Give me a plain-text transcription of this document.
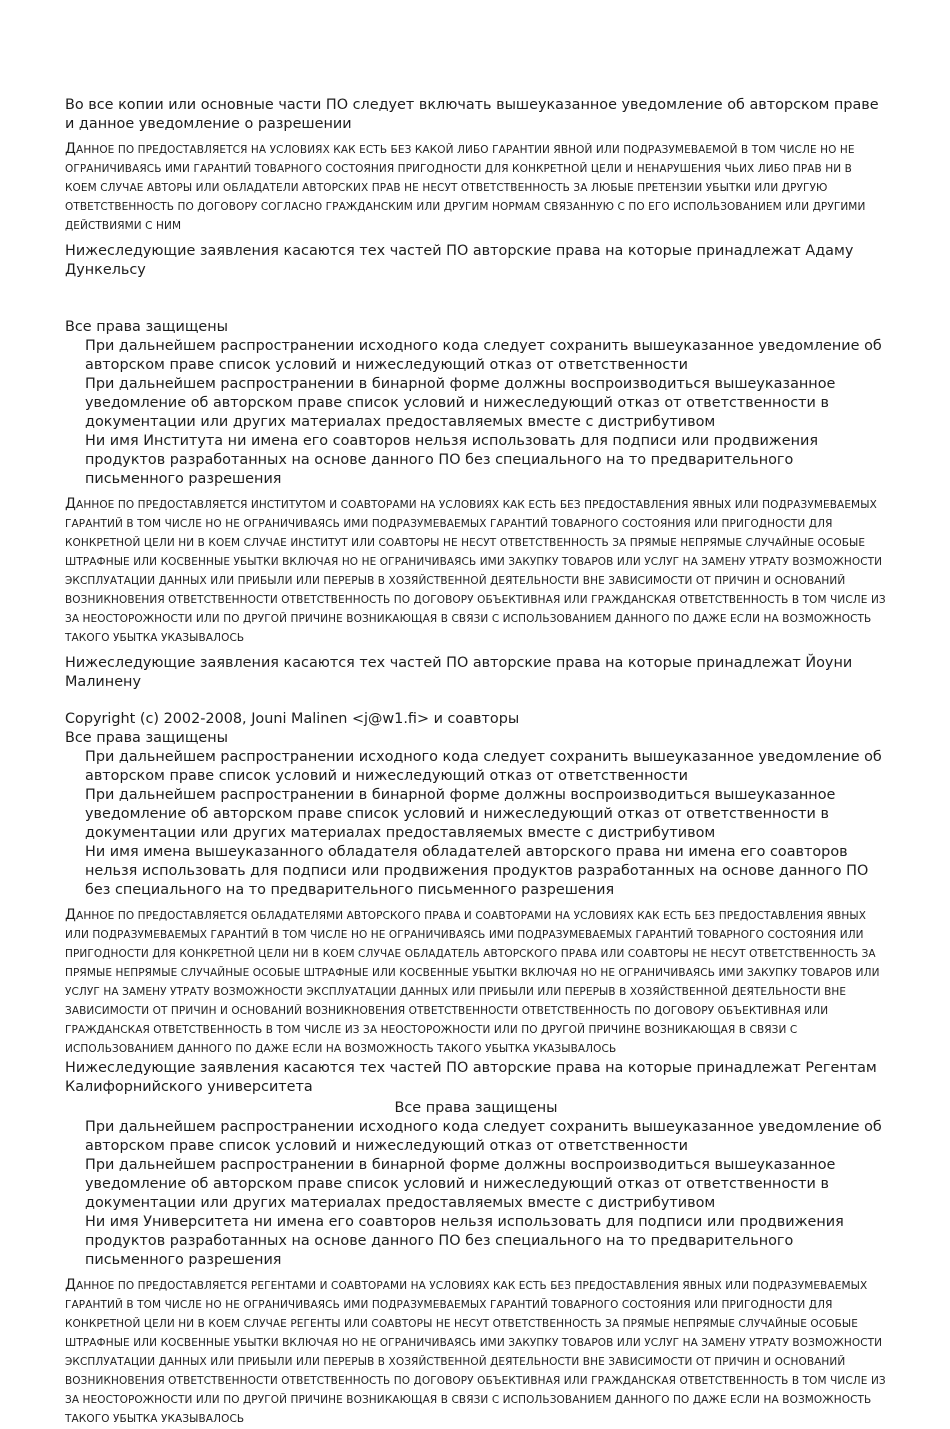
Во все копии или основные части ПО следует включать вышеуказанное уведомление об авторском праве и данное уведомление о разрешении

ДАННОЕ ПО ПРЕДОСТАВЛЯЕТСЯ НА УСЛОВИЯХ КАК ЕСТЬ БЕЗ КАКОЙ ЛИБО ГАРАНТИИ ЯВНОЙ ИЛИ ПОДРАЗУМЕВАЕМОЙ В ТОМ ЧИСЛЕ НО НЕ ОГРАНИЧИВАЯСЬ ИМИ ГАРАНТИЙ ТОВАРНОГО СОСТОЯНИЯ ПРИГОДНОСТИ ДЛЯ КОНКРЕТНОЙ ЦЕЛИ И НЕНАРУШЕНИЯ ЧЬИХ ЛИБО ПРАВ НИ В КОЕМ СЛУЧАЕ АВТОРЫ ИЛИ ОБЛАДАТЕЛИ АВТОРСКИХ ПРАВ НЕ НЕСУТ ОТВЕТСТВЕННОСТЬ ЗА ЛЮБЫЕ ПРЕТЕНЗИИ УБЫТКИ ИЛИ ДРУГУЮ ОТВЕТСТВЕННОСТЬ ПО ДОГОВОРУ СОГЛАСНО ГРАЖДАНСКИМ ИЛИ ДРУГИМ НОРМАМ СВЯЗАННУЮ С ПО ЕГО ИСПОЛЬЗОВАНИЕМ ИЛИ ДРУГИМИ ДЕЙСТВИЯМИ С НИМ

Нижеследующие заявления касаются тех частей ПО авторские права на которые принадлежат Адаму Дункельсу

Все права защищены

При дальнейшем распространении исходного кода следует сохранить вышеуказанное уведомление об авторском праве список условий и нижеследующий отказ от ответственности

При дальнейшем распространении в бинарной форме должны воспроизводиться вышеуказанное уведомление об авторском праве список условий и нижеследующий отказ от ответственности в документации или других материалах предоставляемых вместе с дистрибутивом

Ни имя Института ни имена его соавторов нельзя использовать для подписи или продвижения продуктов разработанных на основе данного ПО без специального на то предварительного письменного разрешения

ДАННОЕ ПО ПРЕДОСТАВЛЯЕТСЯ ИНСТИТУТОМ И СОАВТОРАМИ НА УСЛОВИЯХ КАК ЕСТЬ БЕЗ ПРЕДОСТАВЛЕНИЯ ЯВНЫХ ИЛИ ПОДРАЗУМЕВАЕМЫХ ГАРАНТИЙ В ТОМ ЧИСЛЕ НО НЕ ОГРАНИЧИВАЯСЬ ИМИ ПОДРАЗУМЕВАЕМЫХ ГАРАНТИЙ ТОВАРНОГО СОСТОЯНИЯ ИЛИ ПРИГОДНОСТИ ДЛЯ КОНКРЕТНОЙ ЦЕЛИ НИ В КОЕМ СЛУЧАЕ ИНСТИТУТ ИЛИ СОАВТОРЫ НЕ НЕСУТ ОТВЕТСТВЕННОСТЬ ЗА ПРЯМЫЕ НЕПРЯМЫЕ СЛУЧАЙНЫЕ ОСОБЫЕ ШТРАФНЫЕ ИЛИ КОСВЕННЫЕ УБЫТКИ ВКЛЮЧАЯ НО НЕ ОГРАНИЧИВАЯСЬ ИМИ ЗАКУПКУ ТОВАРОВ ИЛИ УСЛУГ НА ЗАМЕНУ УТРАТУ ВОЗМОЖНОСТИ ЭКСПЛУАТАЦИИ ДАННЫХ ИЛИ ПРИБЫЛИ ИЛИ ПЕРЕРЫВ В ХОЗЯЙСТВЕННОЙ ДЕЯТЕЛЬНОСТИ ВНЕ ЗАВИСИМОСТИ ОТ ПРИЧИН И ОСНОВАНИЙ ВОЗНИКНОВЕНИЯ ОТВЕТСТВЕННОСТИ ОТВЕТСТВЕННОСТЬ ПО ДОГОВОРУ ОБЪЕКТИВНАЯ ИЛИ ГРАЖДАНСКАЯ ОТВЕТСТВЕННОСТЬ В ТОМ ЧИСЛЕ ИЗ ЗА НЕОСТОРОЖНОСТИ ИЛИ ПО ДРУГОЙ ПРИЧИНЕ ВОЗНИКАЮЩАЯ В СВЯЗИ С ИСПОЛЬЗОВАНИЕМ ДАННОГО ПО ДАЖЕ ЕСЛИ НА ВОЗМОЖНОСТЬ ТАКОГО УБЫТКА УКАЗЫВАЛОСЬ

Нижеследующие заявления касаются тех частей ПО авторские права на которые принадлежат Йоуни Малинену

Copyright (c) 2002-2008, Jouni Malinen <j@w1.fi> и соавторы

Все права защищены

При дальнейшем распространении исходного кода следует сохранить вышеуказанное уведомление об авторском праве список условий и нижеследующий отказ от ответственности

При дальнейшем распространении в бинарной форме должны воспроизводиться вышеуказанное уведомление об авторском праве список условий и нижеследующий отказ от ответственности в документации или других материалах предоставляемых вместе с дистрибутивом

Ни имя имена вышеуказанного обладателя обладателей авторского права ни имена его соавторов нельзя использовать для подписи или продвижения продуктов разработанных на основе данного ПО без специального на то предварительного письменного разрешения

ДАННОЕ ПО ПРЕДОСТАВЛЯЕТСЯ ОБЛАДАТЕЛЯМИ АВТОРСКОГО ПРАВА И СОАВТОРАМИ НА УСЛОВИЯХ КАК ЕСТЬ БЕЗ ПРЕДОСТАВЛЕНИЯ ЯВНЫХ ИЛИ ПОДРАЗУМЕВАЕМЫХ ГАРАНТИЙ В ТОМ ЧИСЛЕ НО НЕ ОГРАНИЧИВАЯСЬ ИМИ ПОДРАЗУМЕВАЕМЫХ ГАРАНТИЙ ТОВАРНОГО СОСТОЯНИЯ ИЛИ ПРИГОДНОСТИ ДЛЯ КОНКРЕТНОЙ ЦЕЛИ НИ В КОЕМ СЛУЧАЕ ОБЛАДАТЕЛЬ АВТОРСКОГО ПРАВА ИЛИ СОАВТОРЫ НЕ НЕСУТ ОТВЕТСТВЕННОСТЬ ЗА ПРЯМЫЕ НЕПРЯМЫЕ СЛУЧАЙНЫЕ ОСОБЫЕ ШТРАФНЫЕ ИЛИ КОСВЕННЫЕ УБЫТКИ ВКЛЮЧАЯ НО НЕ ОГРАНИЧИВАЯСЬ ИМИ ЗАКУПКУ ТОВАРОВ ИЛИ УСЛУГ НА ЗАМЕНУ УТРАТУ ВОЗМОЖНОСТИ ЭКСПЛУАТАЦИИ ДАННЫХ ИЛИ ПРИБЫЛИ ИЛИ ПЕРЕРЫВ В ХОЗЯЙСТВЕННОЙ ДЕЯТЕЛЬНОСТИ ВНЕ ЗАВИСИМОСТИ ОТ ПРИЧИН И ОСНОВАНИЙ ВОЗНИКНОВЕНИЯ ОТВЕТСТВЕННОСТИ ОТВЕТСТВЕННОСТЬ ПО ДОГОВОРУ ОБЪЕКТИВНАЯ ИЛИ ГРАЖДАНСКАЯ ОТВЕТСТВЕННОСТЬ В ТОМ ЧИСЛЕ ИЗ ЗА НЕОСТОРОЖНОСТИ ИЛИ ПО ДРУГОЙ ПРИЧИНЕ ВОЗНИКАЮЩАЯ В СВЯЗИ С ИСПОЛЬЗОВАНИЕМ ДАННОГО ПО ДАЖЕ ЕСЛИ НА ВОЗМОЖНОСТЬ ТАКОГО УБЫТКА УКАЗЫВАЛОСЬ

Нижеследующие заявления касаются тех частей ПО авторские права на которые принадлежат Регентам Калифорнийского университета

Все права защищены

При дальнейшем распространении исходного кода следует сохранить вышеуказанное уведомление об авторском праве список условий и нижеследующий отказ от ответственности

При дальнейшем распространении в бинарной форме должны воспроизводиться вышеуказанное уведомление об авторском праве список условий и нижеследующий отказ от ответственности в документации или других материалах предоставляемых вместе с дистрибутивом

Ни имя Университета ни имена его соавторов нельзя использовать для подписи или продвижения продуктов разработанных на основе данного ПО без специального на то предварительного письменного разрешения

ДАННОЕ ПО ПРЕДОСТАВЛЯЕТСЯ РЕГЕНТАМИ И СОАВТОРАМИ НА УСЛОВИЯХ КАК ЕСТЬ БЕЗ ПРЕДОСТАВЛЕНИЯ ЯВНЫХ ИЛИ ПОДРАЗУМЕВАЕМЫХ ГАРАНТИЙ В ТОМ ЧИСЛЕ НО НЕ ОГРАНИЧИВАЯСЬ ИМИ ПОДРАЗУМЕВАЕМЫХ ГАРАНТИЙ ТОВАРНОГО СОСТОЯНИЯ ИЛИ ПРИГОДНОСТИ ДЛЯ КОНКРЕТНОЙ ЦЕЛИ НИ В КОЕМ СЛУЧАЕ РЕГЕНТЫ ИЛИ СОАВТОРЫ НЕ НЕСУТ ОТВЕТСТВЕННОСТЬ ЗА ПРЯМЫЕ НЕПРЯМЫЕ СЛУЧАЙНЫЕ ОСОБЫЕ ШТРАФНЫЕ ИЛИ КОСВЕННЫЕ УБЫТКИ ВКЛЮЧАЯ НО НЕ ОГРАНИЧИВАЯСЬ ИМИ ЗАКУПКУ ТОВАРОВ ИЛИ УСЛУГ НА ЗАМЕНУ УТРАТУ ВОЗМОЖНОСТИ ЭКСПЛУАТАЦИИ ДАННЫХ ИЛИ ПРИБЫЛИ ИЛИ ПЕРЕРЫВ В ХОЗЯЙСТВЕННОЙ ДЕЯТЕЛЬНОСТИ ВНЕ ЗАВИСИМОСТИ ОТ ПРИЧИН И ОСНОВАНИЙ ВОЗНИКНОВЕНИЯ ОТВЕТСТВЕННОСТИ ОТВЕТСТВЕННОСТЬ ПО ДОГОВОРУ ОБЪЕКТИВНАЯ ИЛИ ГРАЖДАНСКАЯ ОТВЕТСТВЕННОСТЬ В ТОМ ЧИСЛЕ ИЗ ЗА НЕОСТОРОЖНОСТИ ИЛИ ПО ДРУГОЙ ПРИЧИНЕ ВОЗНИКАЮЩАЯ В СВЯЗИ С ИСПОЛЬЗОВАНИЕМ ДАННОГО ПО ДАЖЕ ЕСЛИ НА ВОЗМОЖНОСТЬ ТАКОГО УБЫТКА УКАЗЫВАЛОСЬ
